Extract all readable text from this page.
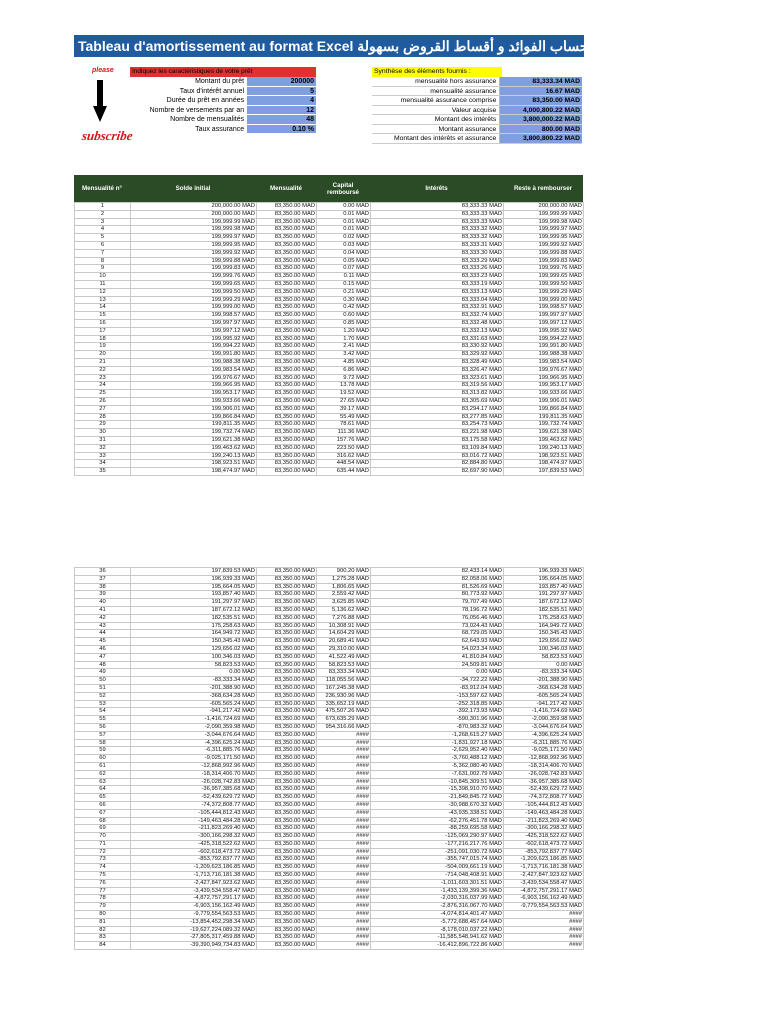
Tableau d'amortissement au format Excel طريقة حساب الفوائد و أقساط القروض بسهولة
please
subscribe
Indiquez les caractéristiques de votre prêt
Montant du prêt	200000
Taux d'intérêt annuel	5
Durée du prêt en années	4
Nombre de versements par an	12
Nombre de mensualités	48
Taux assurance	0.10 %
Synthèse des éléments fournis :
mensualité hors assurance	83,333.34 MAD
mensualité assurance	16.67 MAD
mensualité assurance comprise	83,350.00 MAD
Valeur acquise	4,000,800.22 MAD
Montant des intérêts	3,800,000.22 MAD
Montant assurance	800.00 MAD
Montant des intérêts et assurance	3,800,800.22 MAD
Mensualité n°	Solde initial	Mensualité	Capital remboursé	Intérêts	Reste à rembourser
1	200,000.00 MAD	83,350.00 MAD	0.00 MAD	83,333.33 MAD	200,000.00 MAD
2	200,000.00 MAD	83,350.00 MAD	0.01 MAD	83,333.33 MAD	199,999.99 MAD
3	199,999.99 MAD	83,350.00 MAD	0.01 MAD	83,333.33 MAD	199,999.98 MAD
4	199,999.98 MAD	83,350.00 MAD	0.01 MAD	83,333.32 MAD	199,999.97 MAD
5	199,999.97 MAD	83,350.00 MAD	0.02 MAD	83,333.32 MAD	199,999.95 MAD
6	199,999.95 MAD	83,350.00 MAD	0.03 MAD	83,333.31 MAD	199,999.92 MAD
7	199,999.92 MAD	83,350.00 MAD	0.04 MAD	83,333.30 MAD	199,999.88 MAD
8	199,999.88 MAD	83,350.00 MAD	0.05 MAD	83,333.29 MAD	199,999.83 MAD
9	199,999.83 MAD	83,350.00 MAD	0.07 MAD	83,333.26 MAD	199,999.76 MAD
10	199,999.76 MAD	83,350.00 MAD	0.11 MAD	83,333.23 MAD	199,999.65 MAD
11	199,999.65 MAD	83,350.00 MAD	0.15 MAD	83,333.19 MAD	199,999.50 MAD
12	199,999.50 MAD	83,350.00 MAD	0.21 MAD	83,333.13 MAD	199,999.29 MAD
13	199,999.29 MAD	83,350.00 MAD	0.30 MAD	83,333.04 MAD	199,999.00 MAD
14	199,999.00 MAD	83,350.00 MAD	0.42 MAD	83,332.91 MAD	199,998.57 MAD
15	199,998.57 MAD	83,350.00 MAD	0.60 MAD	83,332.74 MAD	199,997.97 MAD
16	199,997.97 MAD	83,350.00 MAD	0.85 MAD	83,332.48 MAD	199,997.12 MAD
17	199,997.12 MAD	83,350.00 MAD	1.20 MAD	83,332.13 MAD	199,995.92 MAD
18	199,995.92 MAD	83,350.00 MAD	1.70 MAD	83,331.63 MAD	199,994.22 MAD
19	199,994.22 MAD	83,350.00 MAD	2.41 MAD	83,330.92 MAD	199,991.80 MAD
20	199,991.80 MAD	83,350.00 MAD	3.42 MAD	83,329.92 MAD	199,988.38 MAD
21	199,988.38 MAD	83,350.00 MAD	4.85 MAD	83,328.49 MAD	199,983.54 MAD
22	199,983.54 MAD	83,350.00 MAD	6.86 MAD	83,326.47 MAD	199,976.67 MAD
23	199,976.67 MAD	83,350.00 MAD	9.72 MAD	83,323.61 MAD	199,966.95 MAD
24	199,966.95 MAD	83,350.00 MAD	13.78 MAD	83,319.56 MAD	199,953.17 MAD
25	199,953.17 MAD	83,350.00 MAD	19.52 MAD	83,313.82 MAD	199,933.66 MAD
26	199,933.66 MAD	83,350.00 MAD	27.65 MAD	83,305.69 MAD	199,906.01 MAD
27	199,906.01 MAD	83,350.00 MAD	39.17 MAD	83,294.17 MAD	199,866.84 MAD
28	199,866.84 MAD	83,350.00 MAD	55.49 MAD	83,277.85 MAD	199,811.35 MAD
29	199,811.35 MAD	83,350.00 MAD	78.61 MAD	83,254.73 MAD	199,732.74 MAD
30	199,732.74 MAD	83,350.00 MAD	111.36 MAD	83,221.98 MAD	199,621.38 MAD
31	199,621.38 MAD	83,350.00 MAD	157.76 MAD	83,175.58 MAD	199,463.62 MAD
32	199,463.62 MAD	83,350.00 MAD	223.50 MAD	83,109.84 MAD	199,240.13 MAD
33	199,240.13 MAD	83,350.00 MAD	316.62 MAD	83,016.72 MAD	198,923.51 MAD
34	198,923.51 MAD	83,350.00 MAD	448.54 MAD	82,884.80 MAD	198,474.97 MAD
35	198,474.97 MAD	83,350.00 MAD	635.44 MAD	82,697.90 MAD	197,839.53 MAD
36	197,839.53 MAD	83,350.00 MAD	900.20 MAD	82,433.14 MAD	196,939.33 MAD
37	196,939.33 MAD	83,350.00 MAD	1,275.28 MAD	82,058.06 MAD	195,664.05 MAD
38	195,664.05 MAD	83,350.00 MAD	1,806.65 MAD	81,526.69 MAD	193,857.40 MAD
39	193,857.40 MAD	83,350.00 MAD	2,559.42 MAD	80,773.92 MAD	191,297.97 MAD
40	191,297.97 MAD	83,350.00 MAD	3,625.85 MAD	79,707.49 MAD	187,672.12 MAD
41	187,672.12 MAD	83,350.00 MAD	5,136.62 MAD	78,196.72 MAD	182,535.51 MAD
42	182,535.51 MAD	83,350.00 MAD	7,276.88 MAD	76,056.46 MAD	175,258.63 MAD
43	175,258.63 MAD	83,350.00 MAD	10,308.91 MAD	73,024.43 MAD	164,949.72 MAD
44	164,949.72 MAD	83,350.00 MAD	14,604.29 MAD	68,729.05 MAD	150,345.43 MAD
45	150,345.43 MAD	83,350.00 MAD	20,689.41 MAD	62,643.93 MAD	129,656.02 MAD
46	129,656.02 MAD	83,350.00 MAD	29,310.00 MAD	54,023.34 MAD	100,346.03 MAD
47	100,346.03 MAD	83,350.00 MAD	41,522.49 MAD	41,810.84 MAD	58,823.53 MAD
48	58,823.53 MAD	83,350.00 MAD	58,823.53 MAD	24,509.81 MAD	0.00 MAD
49	0.00 MAD	83,350.00 MAD	83,333.34 MAD	0.00 MAD	-83,333.34 MAD
50	-83,333.34 MAD	83,350.00 MAD	118,055.56 MAD	-34,722.22 MAD	-201,388.90 MAD
51	-201,388.90 MAD	83,350.00 MAD	167,245.38 MAD	-83,912.04 MAD	-368,634.28 MAD
52	-368,634.28 MAD	83,350.00 MAD	236,930.96 MAD	-153,597.62 MAD	-605,565.24 MAD
53	-605,565.24 MAD	83,350.00 MAD	335,652.19 MAD	-252,318.85 MAD	-941,217.42 MAD
54	-941,217.42 MAD	83,350.00 MAD	475,507.26 MAD	-392,173.93 MAD	-1,416,724.69 MAD
55	-1,416,724.69 MAD	83,350.00 MAD	673,635.29 MAD	-590,301.96 MAD	-2,090,359.98 MAD
56	-2,090,359.98 MAD	83,350.00 MAD	954,316.66 MAD	-870,983.32 MAD	-3,044,676.64 MAD
57	-3,044,676.64 MAD	83,350.00 MAD	####	-1,268,615.27 MAD	-4,396,625.24 MAD
58	-4,396,625.24 MAD	83,350.00 MAD	####	-1,831,927.18 MAD	-6,311,885.76 MAD
59	-6,311,885.76 MAD	83,350.00 MAD	####	-2,629,952.40 MAD	-9,025,171.50 MAD
60	-9,025,171.50 MAD	83,350.00 MAD	####	-3,760,488.12 MAD	-12,868,992.96 MAD
61	-12,868,992.96 MAD	83,350.00 MAD	####	-5,362,080.40 MAD	-18,314,406.70 MAD
62	-18,314,406.70 MAD	83,350.00 MAD	####	-7,631,002.79 MAD	-26,028,742.83 MAD
63	-26,028,742.83 MAD	83,350.00 MAD	####	-10,845,309.51 MAD	-36,957,385.68 MAD
64	-36,957,385.68 MAD	83,350.00 MAD	####	-15,398,910.70 MAD	-52,439,629.72 MAD
65	-52,439,629.72 MAD	83,350.00 MAD	####	-21,849,845.72 MAD	-74,372,808.77 MAD
66	-74,372,808.77 MAD	83,350.00 MAD	####	-30,988,670.32 MAD	-105,444,812.43 MAD
67	-105,444,812.43 MAD	83,350.00 MAD	####	-43,935,338.51 MAD	-149,463,484.28 MAD
68	-149,463,484.28 MAD	83,350.00 MAD	####	-62,276,451.78 MAD	-211,823,269.40 MAD
69	-211,823,269.40 MAD	83,350.00 MAD	####	-88,259,695.58 MAD	-300,166,298.32 MAD
70	-300,166,298.32 MAD	83,350.00 MAD	####	-125,069,290.97 MAD	-425,318,522.62 MAD
71	-425,318,522.62 MAD	83,350.00 MAD	####	-177,216,217.76 MAD	-602,618,473.72 MAD
72	-602,618,473.72 MAD	83,350.00 MAD	####	-251,091,030.72 MAD	-853,792,837.77 MAD
73	-853,792,837.77 MAD	83,350.00 MAD	####	-355,747,015.74 MAD	-1,209,623,186.85 MAD
74	-1,209,623,186.85 MAD	83,350.00 MAD	####	-504,009,661.19 MAD	-1,713,716,181.38 MAD
75	-1,713,716,181.38 MAD	83,350.00 MAD	####	-714,048,408.91 MAD	-2,427,847,923.62 MAD
76	-2,427,847,923.62 MAD	83,350.00 MAD	####	-1,011,603,301.51 MAD	-3,439,534,558.47 MAD
77	-3,439,534,558.47 MAD	83,350.00 MAD	####	-1,433,139,399.36 MAD	-4,872,757,291.17 MAD
78	-4,872,757,291.17 MAD	83,350.00 MAD	####	-2,030,316,037.99 MAD	-6,903,156,162.49 MAD
79	-6,903,156,162.49 MAD	83,350.00 MAD	####	-2,876,316,067.70 MAD	-9,779,554,563.53 MAD
80	-9,779,554,563.53 MAD	83,350.00 MAD	####	-4,074,814,401.47 MAD	####
81	-13,854,452,298.34 MAD	83,350.00 MAD	####	-5,772,688,457.64 MAD	####
82	-19,627,224,089.32 MAD	83,350.00 MAD	####	-8,178,010,037.22 MAD	####
83	-27,805,317,459.88 MAD	83,350.00 MAD	####	-11,585,548,941.62 MAD	####
84	-39,390,949,734.83 MAD	83,350.00 MAD	####	-16,412,896,722.86 MAD	####
